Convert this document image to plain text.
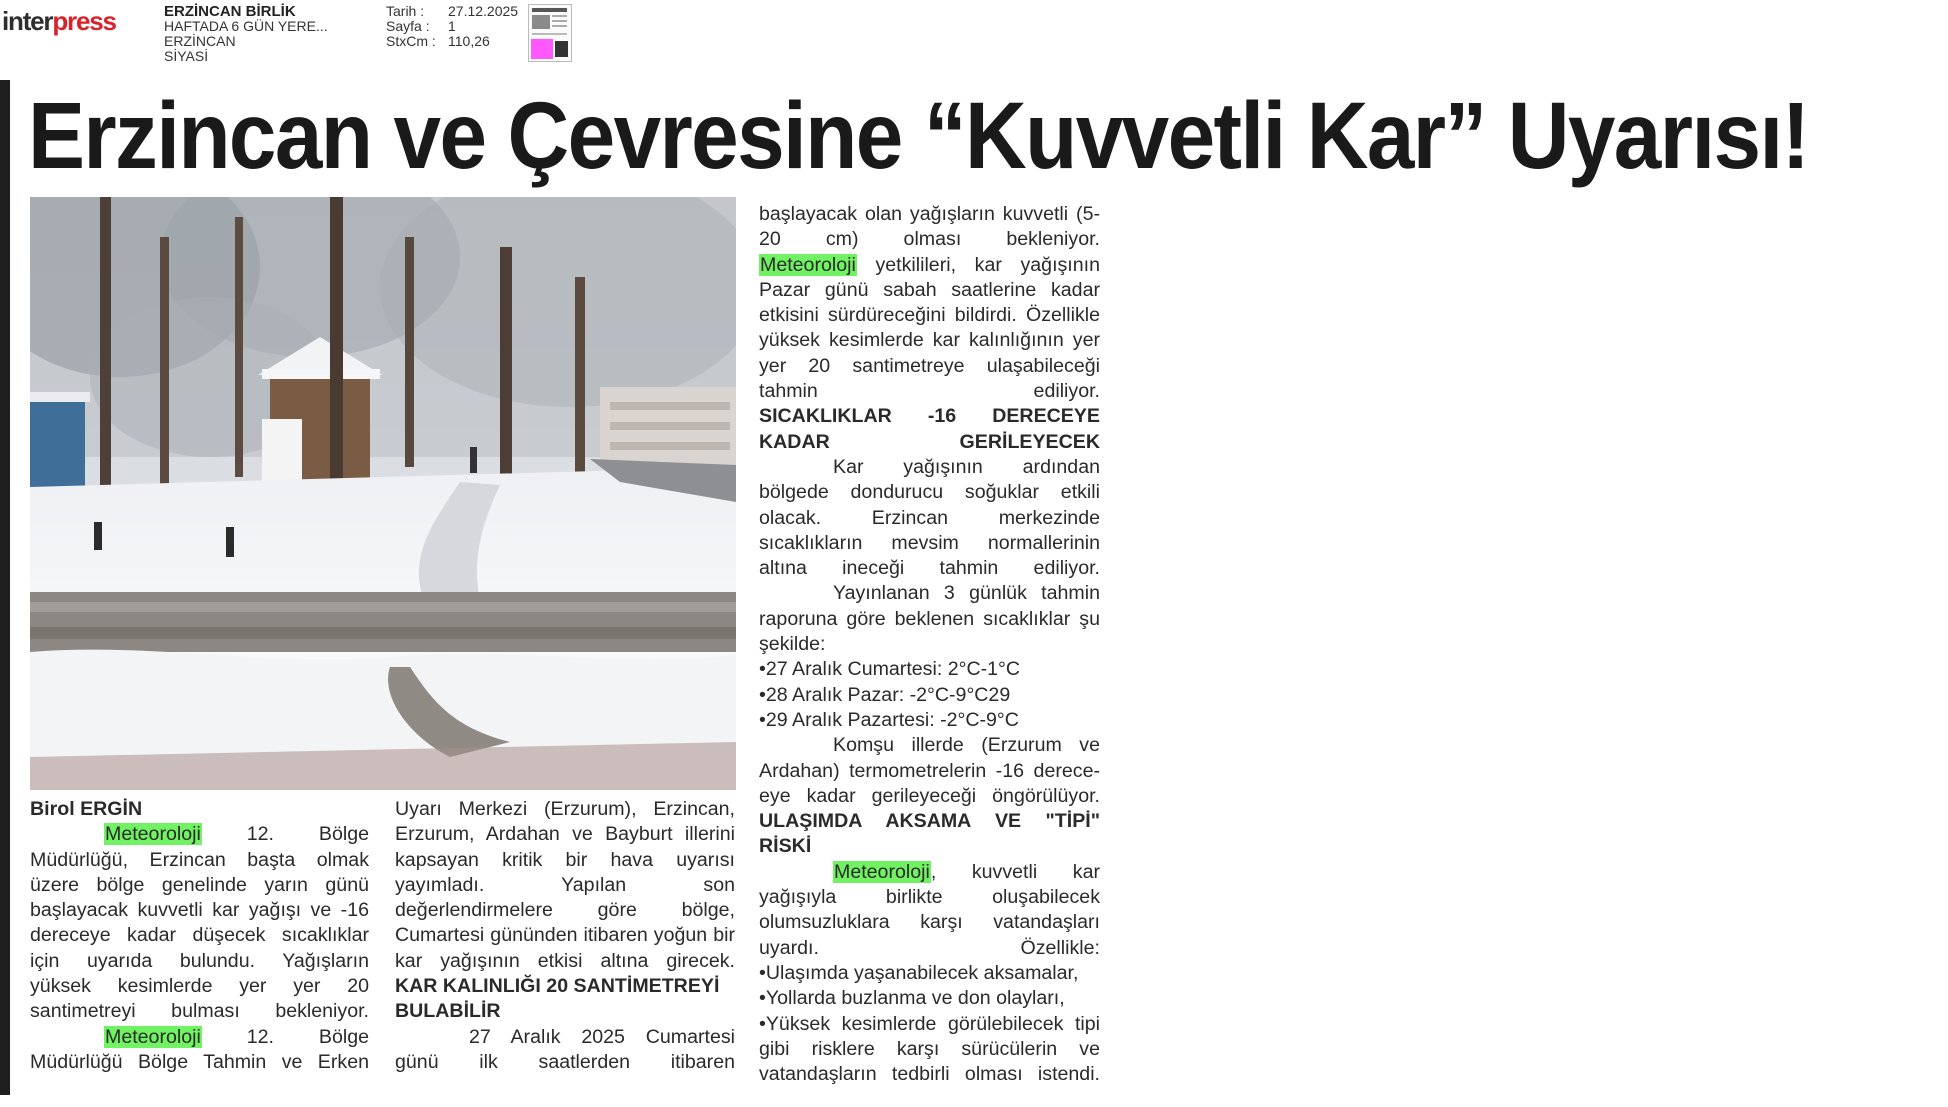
interpress	ERZİNCAN BİRLİK
HAFTADA 6 GÜN YERE...
ERZİNCAN
SİYASİ
Tarih :	27.12.2025
Sayfa :	1
StxCm : 110,26
Erzincan ve Çevresine “Kuvvetli Kar” Uyarısı!

Birol ERGİN

Meteoroloji 12. Bölge Müdürlüğü, Erzincan başta olmak üzere bölge genelinde yarın günü başlayacak kuvvetli kar yağışı ve -16 dereceye kadar düşecek sıcaklıklar için uyarıda bulundu. Yağışların yüksek kesimlerde yer yer 20 santimetreyi bulması bekleniyor.

Meteoroloji 12. Bölge Müdürlüğü Bölge Tahmin ve Erken

Uyarı Merkezi (Erzurum), Erzincan, Erzurum, Ardahan ve Bayburt illerini kapsayan kritik bir hava uyarısı yayımladı. Yapılan son değerlendirmelere göre bölge, Cumartesi gününden itibaren yoğun bir kar yağışının etkisi altına girecek.

KAR KALINLIĞI 20 SANTİMETREYİ BULABİLİR

27 Aralık 2025 Cumartesi günü ilk saatlerden itibaren

başlayacak olan yağışların kuvvetli (5-20 cm) olması bekleniyor.

Meteoroloji yetkilileri, kar yağışının Pazar günü sabah saatlerine kadar etkisini sürdüreceğini bildirdi. Özellikle yüksek kesimlerde kar kalınlığının yer yer 20 santimetreye ulaşabileceği tahmin ediliyor.

SICAKLIKLAR -16 DERECEYE KADAR GERİLEYECEK

Kar yağışının ardından bölgede dondurucu soğuklar etkili olacak. Erzincan merkezinde sıcaklıkların mevsim normallerinin altına ineceği tahmin ediliyor.

Yayınlanan 3 günlük tahmin raporuna göre beklenen sıcaklıklar şu şekilde:

•27 Aralık Cumartesi: 2°C-1°C

•28 Aralık Pazar: -2°C-9°C29

•29 Aralık Pazartesi: -2°C-9°C

Komşu illerde (Erzurum ve Ardahan) termometrelerin -16 derece- eye kadar gerileyeceği öngörülüyor.

ULAŞIMDA AKSAMA VE "TİPİ" RİSKİ

Meteoroloji, kuvvetli kar yağışıyla birlikte oluşabilecek olumsuzluklara karşı vatandaşları uyardı. Özellikle:

•Ulaşımda yaşanabilecek aksamalar,

•Yollarda buzlanma ve don olayları,

•Yüksek kesimlerde görülebilecek tipi gibi risklere karşı sürücülerin ve vatandaşların tedbirli olması istendi.
